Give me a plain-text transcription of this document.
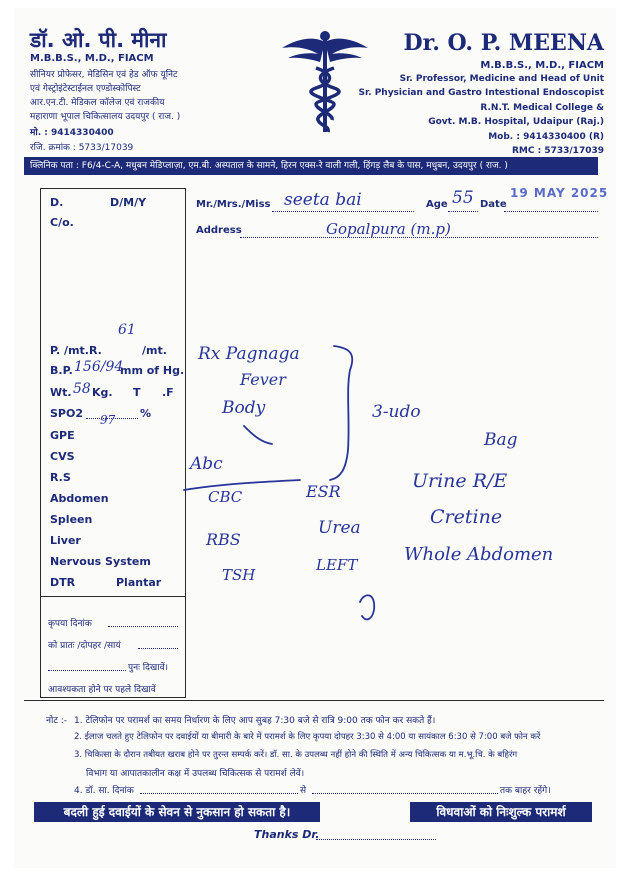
डॉ. ओ. पी. मीना
M.B.B.S., M.D., FIACM
सीनियर प्रोफेसर, मेडिसिन एवं हेड ऑफ यूनिट
एवं गेस्ट्रोइंटेस्टाईनल एण्डोस्कोपिस्ट
आर.एन.टी. मेडिकल कॉलेज एवं राजकीय
महाराणा भूपाल चिकित्सालय उदयपुर ( राज. )
मो. : 9414330400
रजि. क्रमांक : 5733/17039
Dr. O. P. MEENA
M.B.B.S., M.D., FIACM
Sr. Professor, Medicine and Head of Unit
Sr. Physician and Gastro Intestional Endoscopist
R.N.T. Medical College &
Govt. M.B. Hospital, Udaipur (Raj.)
Mob. : 9414330400 (R)
RMC : 5733/17039
क्लिनिक पता : F6/4-C-A, मधुबन मेडिप्लाज़ा, एम.बी. अस्पताल के सामने, हिरन एक्स-रे वाली गली, हिंगड़ लैब के पास, मधुबन, उदयपुर ( राज. )
D.	D/M/Y
C/o.
61
P. /mt.R.	/mt.
B.P. 156/94
mm of Hg.
Wt. 58 Kg. T .F
SPO2 97 %
GPE
CVS
R.S
Abdomen
Spleen
Liver
Nervous System
DTR	Plantar
कृपया दिनांक
को प्रातः /दोपहर /सायं
पुनः दिखावें।
आवश्यकता होने पर पहले दिखावें
Mr./Mrs./Miss seeta bai	Age 55 Date
19 MAY 2025
Address	Gopalpura (m.p)
Rx Pagnaga
Fever
Body	3-udo
Bag
Abc
CBC	ESR	Urine R/E
RBS
Urea	Cretine
TSH
LEFT	Whole Abdomen
नोट :- 1. टेलिफोन पर परामर्श का समय निर्धारण के लिए आप सुबह 7:30 बजे से रात्रि 9:00 तक फोन कर सकते हैं।
2. ईलाज चलते हुए टेलिफोन पर दवाईयों या बीमारी के बारे में परामर्श के लिए कृपया दोपहर 3:30 से 4:00 या सायंकाल 6:30 से 7:00 बजे फोन करें
3. चिकित्सा के दौरान तबीयत खराब होने पर तुरन्त सम्पर्क करें। डॉ. सा. के उपलब्ध नहीं होने की स्थिति में अन्य चिकित्सक या म.भू.चि. के बहिरंग
विभाग या आपातकालीन कक्ष में उपलब्ध चिकित्सक से परामर्श लेवें।
4. डॉ. सा. दिनांक	से	तक बाहर रहेंगे।
बदली हुई दवाईयों के सेवन से नुकसान हो सकता है।	विधवाओं को निःशुल्क परामर्श
Thanks Dr.
